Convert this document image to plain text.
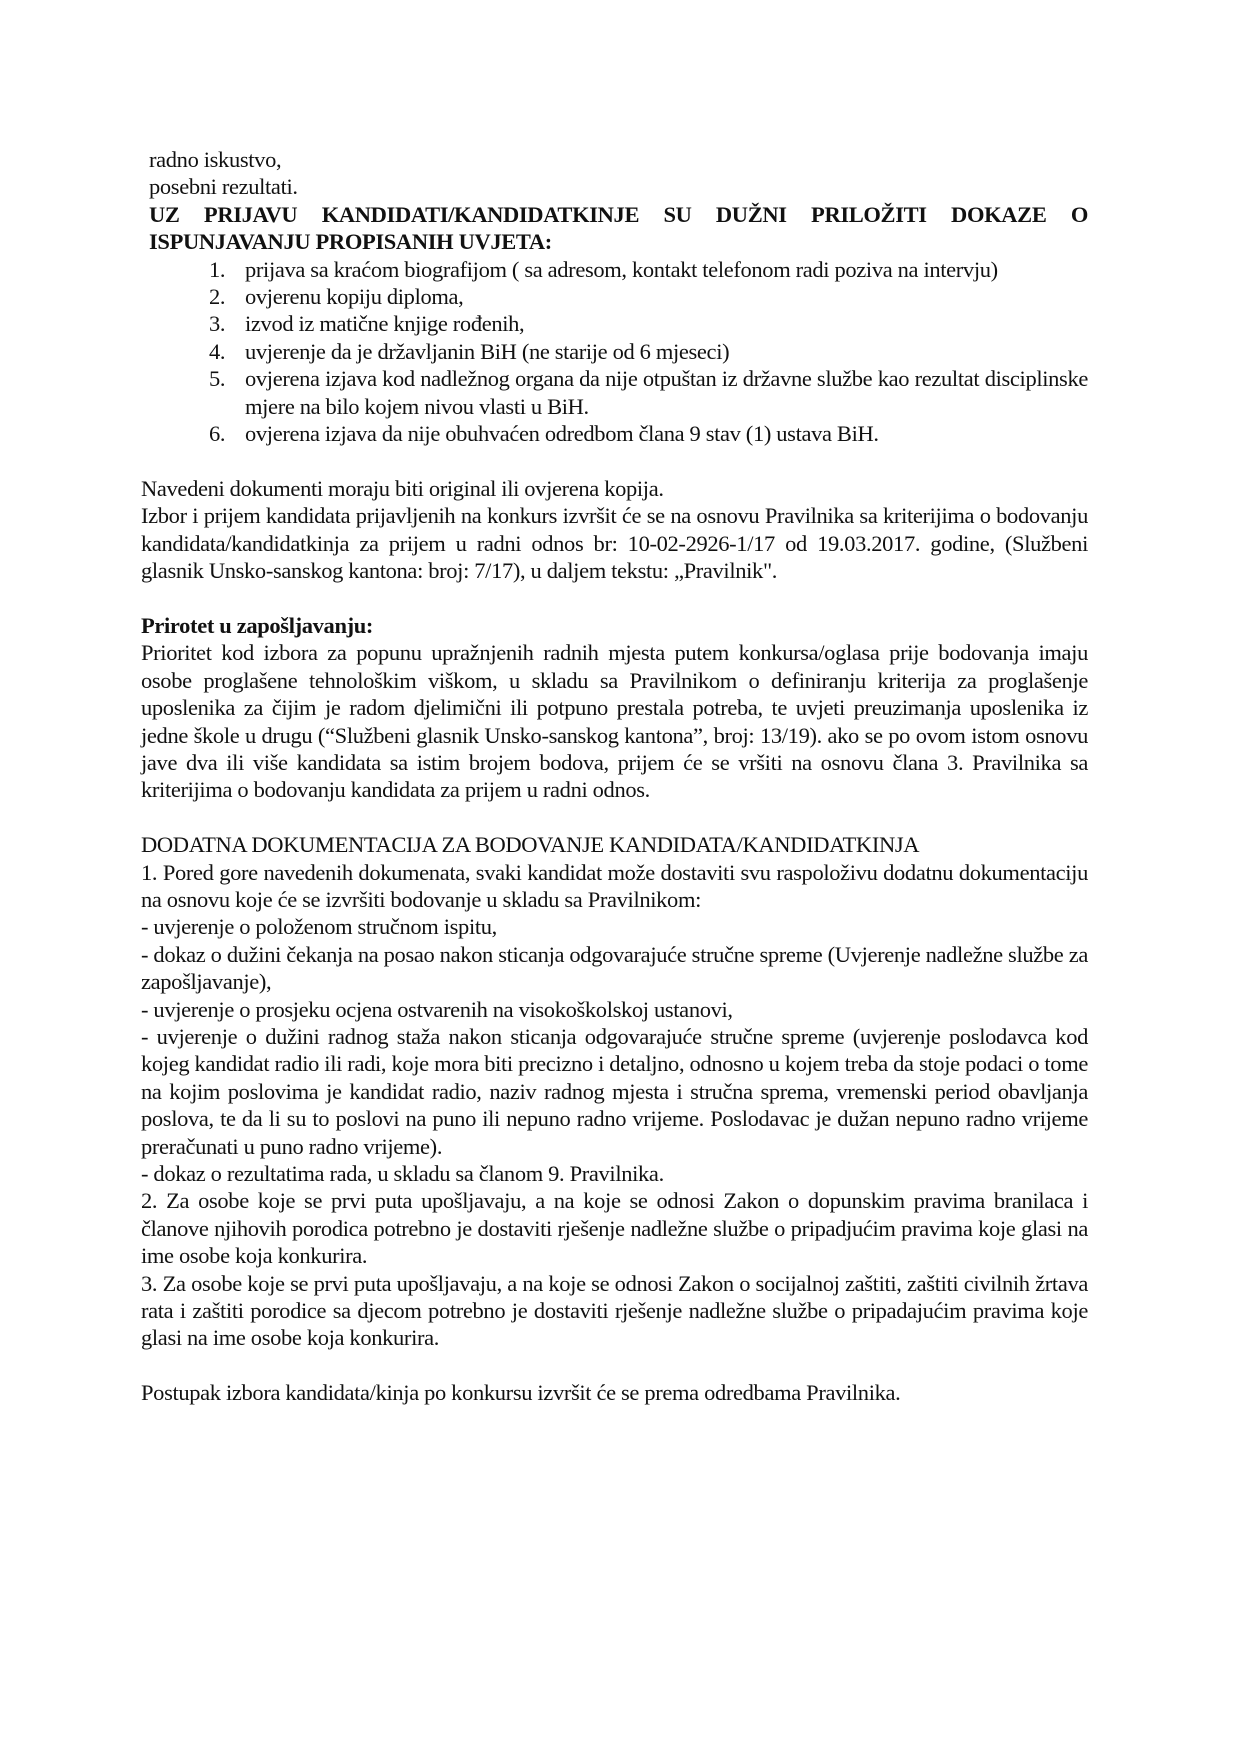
radno iskustvo,
posebni rezultati.

UZ PRIJAVU KANDIDATI/KANDIDATKINJE SU DUŽNI PRILOŽITI DOKAZE O ISPUNJAVANJU PROPISANIH UVJETA:

1. prijava sa kraćom biografijom ( sa adresom, kontakt telefonom radi poziva na intervju)
2. ovjerenu kopiju diploma,
3. izvod iz matične knjige rođenih,
4. uvjerenje da je državljanin BiH (ne starije od 6 mjeseci)
5. ovjerena izjava kod nadležnog organa da nije otpuštan iz državne službe kao rezultat disciplinske mjere na bilo kojem nivou vlasti u BiH.
6. ovjerena izjava da nije obuhvaćen odredbom člana 9 stav (1) ustava BiH.

Navedeni dokumenti moraju biti original ili ovjerena kopija.

Izbor i prijem kandidata prijavljenih na konkurs izvršit će se na osnovu Pravilnika sa kriterijima o bodovanju kandidata/kandidatkinja za prijem u radni odnos br: 10-02-2926-1/17 od 19.03.2017. godine, (Službeni glasnik Unsko-sanskog kantona: broj: 7/17), u daljem tekstu: „Pravilnik".

Prirotet u zapošljavanju:

Prioritet kod izbora za popunu upražnjenih radnih mjesta putem konkursa/oglasa prije bodovanja imaju osobe proglašene tehnološkim viškom, u skladu sa Pravilnikom o definiranju kriterija za proglašenje uposlenika za čijim je radom djelimični ili potpuno prestala potreba, te uvjeti preuzimanja uposlenika iz jedne škole u drugu (“Službeni glasnik Unsko-sanskog kantona”, broj: 13/19). ako se po ovom istom osnovu jave dva ili više kandidata sa istim brojem bodova, prijem će se vršiti na osnovu člana 3. Pravilnika sa kriterijima o bodovanju kandidata za prijem u radni odnos.

DODATNA DOKUMENTACIJA ZA BODOVANJE KANDIDATA/KANDIDATKINJA

1. Pored gore navedenih dokumenata, svaki kandidat može dostaviti svu raspoloživu dodatnu dokumentaciju na osnovu koje će se izvršiti bodovanje u skladu sa Pravilnikom:

- uvjerenje o položenom stručnom ispitu,

- dokaz o dužini čekanja na posao nakon sticanja odgovarajuće stručne spreme (Uvjerenje nadležne službe za zapošljavanje),

- uvjerenje o prosjeku ocjena ostvarenih na visokoškolskoj ustanovi,

- uvjerenje o dužini radnog staža nakon sticanja odgovarajuće stručne spreme (uvjerenje poslodavca kod kojeg kandidat radio ili radi, koje mora biti precizno i detaljno, odnosno u kojem treba da stoje podaci o tome na kojim poslovima je kandidat radio, naziv radnog mjesta i stručna sprema, vremenski period obavljanja poslova, te da li su to poslovi na puno ili nepuno radno vrijeme. Poslodavac je dužan nepuno radno vrijeme preračunati u puno radno vrijeme).

- dokaz o rezultatima rada, u skladu sa članom 9. Pravilnika.

2. Za osobe koje se prvi puta upošljavaju, a na koje se odnosi Zakon o dopunskim pravima branilaca i članove njihovih porodica potrebno je dostaviti rješenje nadležne službe o pripadjućim pravima koje glasi na ime osobe koja konkurira.

3. Za osobe koje se prvi puta upošljavaju, a na koje se odnosi Zakon o socijalnoj zaštiti, zaštiti civilnih žrtava rata i zaštiti porodice sa djecom potrebno je dostaviti rješenje nadležne službe o pripadajućim pravima koje glasi na ime osobe koja konkurira.

Postupak izbora kandidata/kinja po konkursu izvršit će se prema odredbama Pravilnika.
